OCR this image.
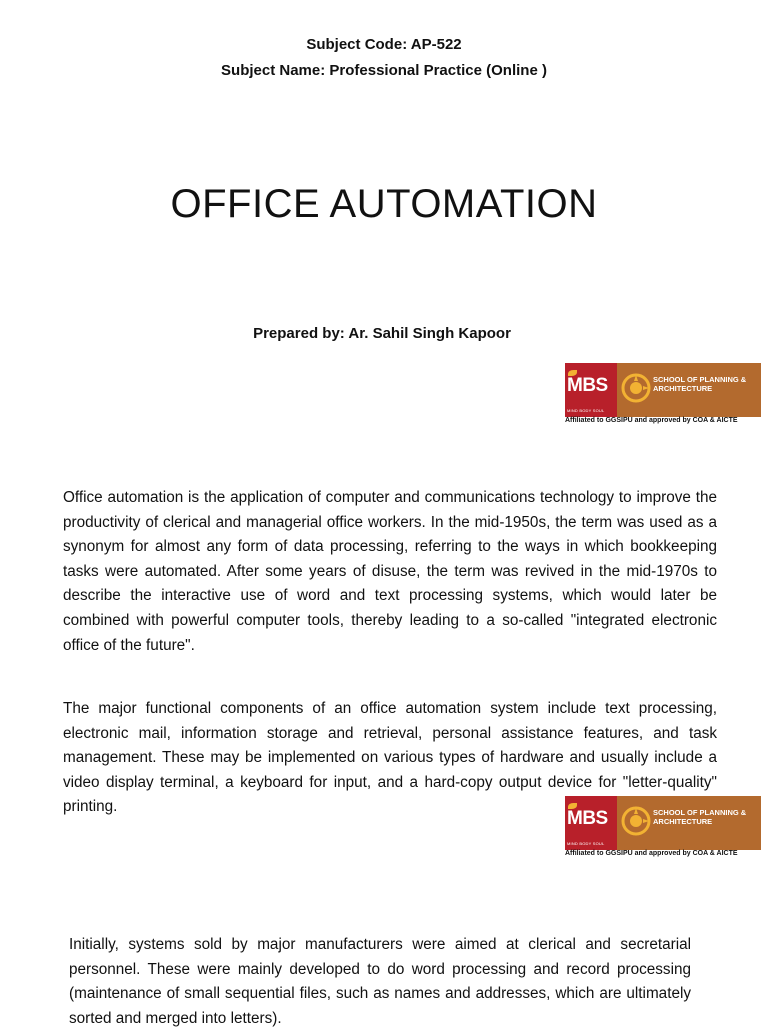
Subject Code: AP-522
Subject Name: Professional Practice (Online )
OFFICE AUTOMATION
Prepared by: Ar. Sahil Singh Kapoor
MBS
MIND BODY SOUL
SCHOOL OF PLANNING & ARCHITECTURE
Affiliated to GGSIPU and approved by COA & AICTE

Office automation is the application of computer and communications technology to improve the productivity of clerical and managerial office workers. In the mid-1950s, the term was used as a synonym for almost any form of data processing, referring to the ways in which bookkeeping tasks were automated. After some years of disuse, the term was revived in the mid-1970s to describe the interactive use of word and text processing systems, which would later be combined with powerful computer tools, thereby leading to a so-called "integrated electronic office of the future".

The major functional components of an office automation system include text processing, electronic mail, information storage and retrieval, personal assistance features, and task management. These may be implemented on various types of hardware and usually include a video display terminal, a keyboard for input, and a hard-copy output device for "letter-quality" printing.

MBS
MIND BODY SOUL
SCHOOL OF PLANNING & ARCHITECTURE
Affiliated to GGSIPU and approved by COA & AICTE

Initially, systems sold by major manufacturers were aimed at clerical and secretarial personnel. These were mainly developed to do word processing and record processing (maintenance of small sequential files, such as names and addresses, which are ultimately sorted and merged into letters).
